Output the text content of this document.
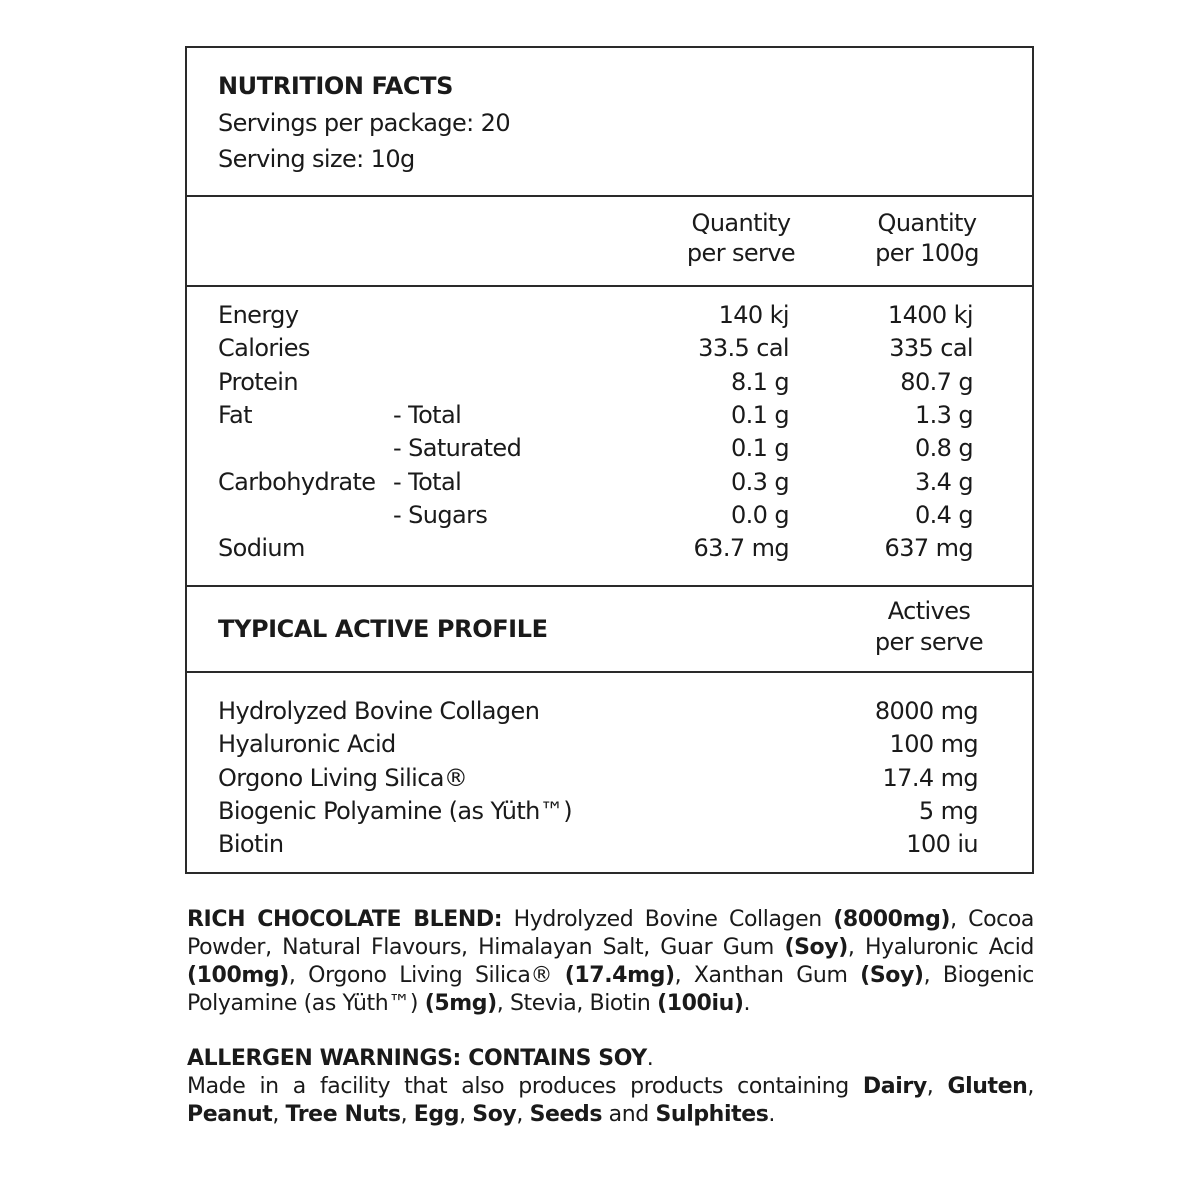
NUTRITION FACTS
Servings per package: 20
Serving size: 10g
Quantity
per serve
Quantity
per 100g
Energy	140 kj	1400 kj
Calories	33.5 cal	335 cal
Protein	8.1 g	80.7 g
Fat	- Total	0.1 g	1.3 g
- Saturated	0.1 g	0.8 g
Carbohydrate - Total	0.3 g	3.4 g
- Sugars	0.0 g	0.4 g
Sodium	63.7 mg	637 mg
TYPICAL ACTIVE PROFILE
Actives
per serve
Hydrolyzed Bovine Collagen	8000 mg
Hyaluronic Acid	100 mg
Orgono Living Silica®	17.4 mg
Biogenic Polyamine (as Yüth™)	5 mg
Biotin	100 iu
RICH CHOCOLATE BLEND: Hydrolyzed Bovine Collagen (8000mg), Cocoa Powder, Natural Flavours, Himalayan Salt, Guar Gum (Soy), Hyaluronic Acid (100mg), Orgono Living Silica® (17.4mg), Xanthan Gum (Soy), Biogenic Polyamine (as Yüth™) (5mg), Stevia, Biotin (100iu).
ALLERGEN WARNINGS: CONTAINS SOY.
Made in a facility that also produces products containing Dairy, Gluten, Peanut, Tree Nuts, Egg, Soy, Seeds and Sulphites.
